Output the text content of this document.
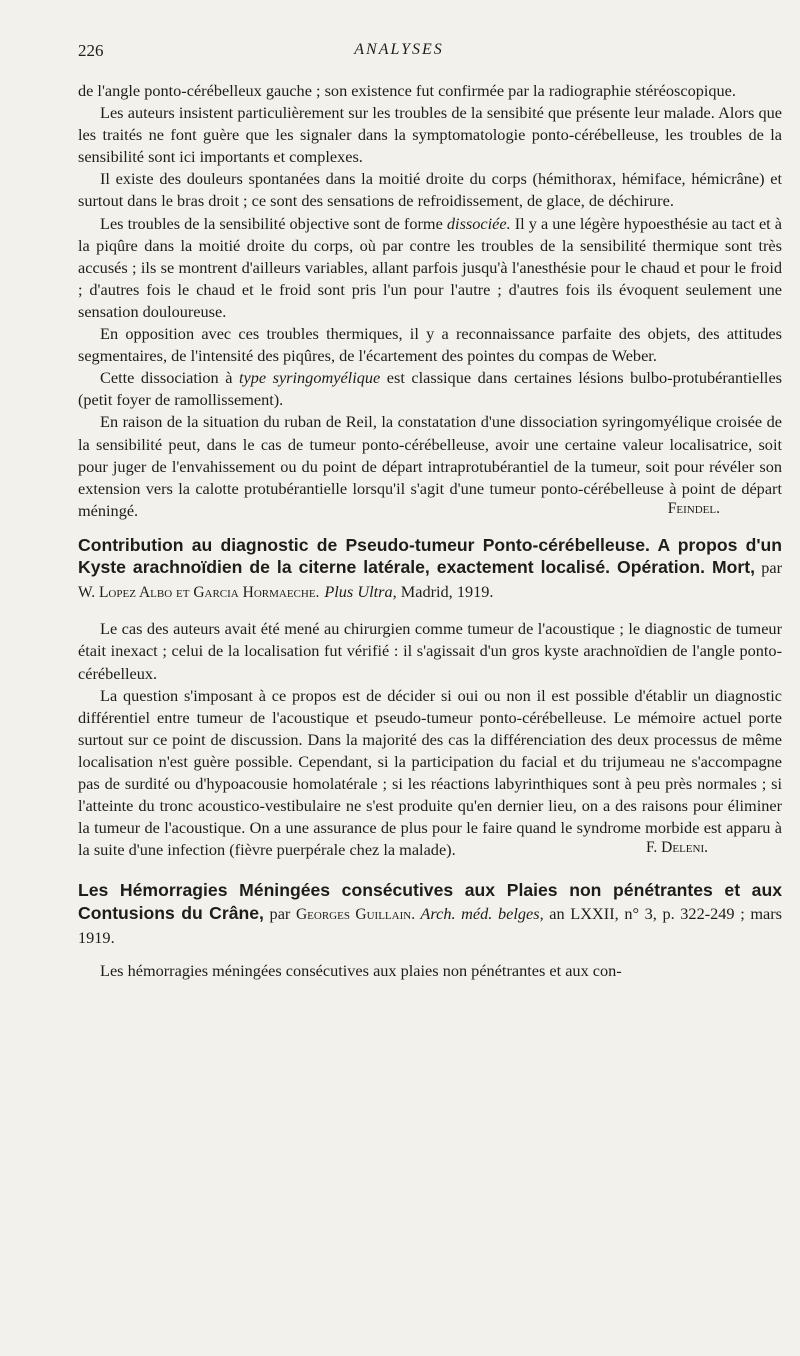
226	ANALYSES

de l'angle ponto-cérébelleux gauche ; son existence fut confirmée par la radiographie stéréoscopique.

Les auteurs insistent particulièrement sur les troubles de la sensibité que présente leur malade. Alors que les traités ne font guère que les signaler dans la symptomatologie ponto-cérébelleuse, les troubles de la sensibilité sont ici importants et complexes.

Il existe des douleurs spontanées dans la moitié droite du corps (hémithorax, hémiface, hémicrâne) et surtout dans le bras droit ; ce sont des sensations de refroidissement, de glace, de déchirure.

Les troubles de la sensibilité objective sont de forme dissociée. Il y a une légère hypoesthésie au tact et à la piqûre dans la moitié droite du corps, où par contre les troubles de la sensibilité thermique sont très accusés ; ils se montrent d'ailleurs variables, allant parfois jusqu'à l'anesthésie pour le chaud et pour le froid ; d'autres fois le chaud et le froid sont pris l'un pour l'autre ; d'autres fois ils évoquent seulement une sensation douloureuse.

En opposition avec ces troubles thermiques, il y a reconnaissance parfaite des objets, des attitudes segmentaires, de l'intensité des piqûres, de l'écartement des pointes du compas de Weber.

Cette dissociation à type syringomyélique est classique dans certaines lésions bulbo-protubérantielles (petit foyer de ramollissement).

En raison de la situation du ruban de Reil, la constatation d'une dissociation syringomyélique croisée de la sensibilité peut, dans le cas de tumeur ponto-cérébelleuse, avoir une certaine valeur localisatrice, soit pour juger de l'envahissement ou du point de départ intraprotubérantiel de la tumeur, soit pour révéler son extension vers la calotte protubérantielle lorsqu'il s'agit d'une tumeur ponto-cérébelleuse à point de départ méningé.	Feindel.

Contribution au diagnostic de Pseudo-tumeur Ponto-cérébelleuse. A propos d'un Kyste arachnoïdien de la citerne latérale, exactement localisé. Opération. Mort, par W. Lopez Albo et Garcia Hormaeche. Plus Ultra, Madrid, 1919.

Le cas des auteurs avait été mené au chirurgien comme tumeur de l'acoustique ; le diagnostic de tumeur était inexact ; celui de la localisation fut vérifié : il s'agissait d'un gros kyste arachnoïdien de l'angle ponto-cérébelleux.

La question s'imposant à ce propos est de décider si oui ou non il est possible d'établir un diagnostic différentiel entre tumeur de l'acoustique et pseudo-tumeur ponto-cérébelleuse. Le mémoire actuel porte surtout sur ce point de discussion. Dans la majorité des cas la différenciation des deux processus de même localisation n'est guère possible. Cependant, si la participation du facial et du trijumeau ne s'accompagne pas de surdité ou d'hypoacousie homolatérale ; si les réactions labyrinthiques sont à peu près normales ; si l'atteinte du tronc acoustico-vestibulaire ne s'est produite qu'en dernier lieu, on a des raisons pour éliminer la tumeur de l'acoustique. On a une assurance de plus pour le faire quand le syndrome morbide est apparu à la suite d'une infection (fièvre puerpérale chez la malade).	F. Deleni.

Les Hémorragies Méningées consécutives aux Plaies non pénétrantes et aux Contusions du Crâne, par Georges Guillain. Arch. méd. belges, an LXXII, n° 3, p. 322-249 ; mars 1919.

Les hémorragies méningées consécutives aux plaies non pénétrantes et aux con-
